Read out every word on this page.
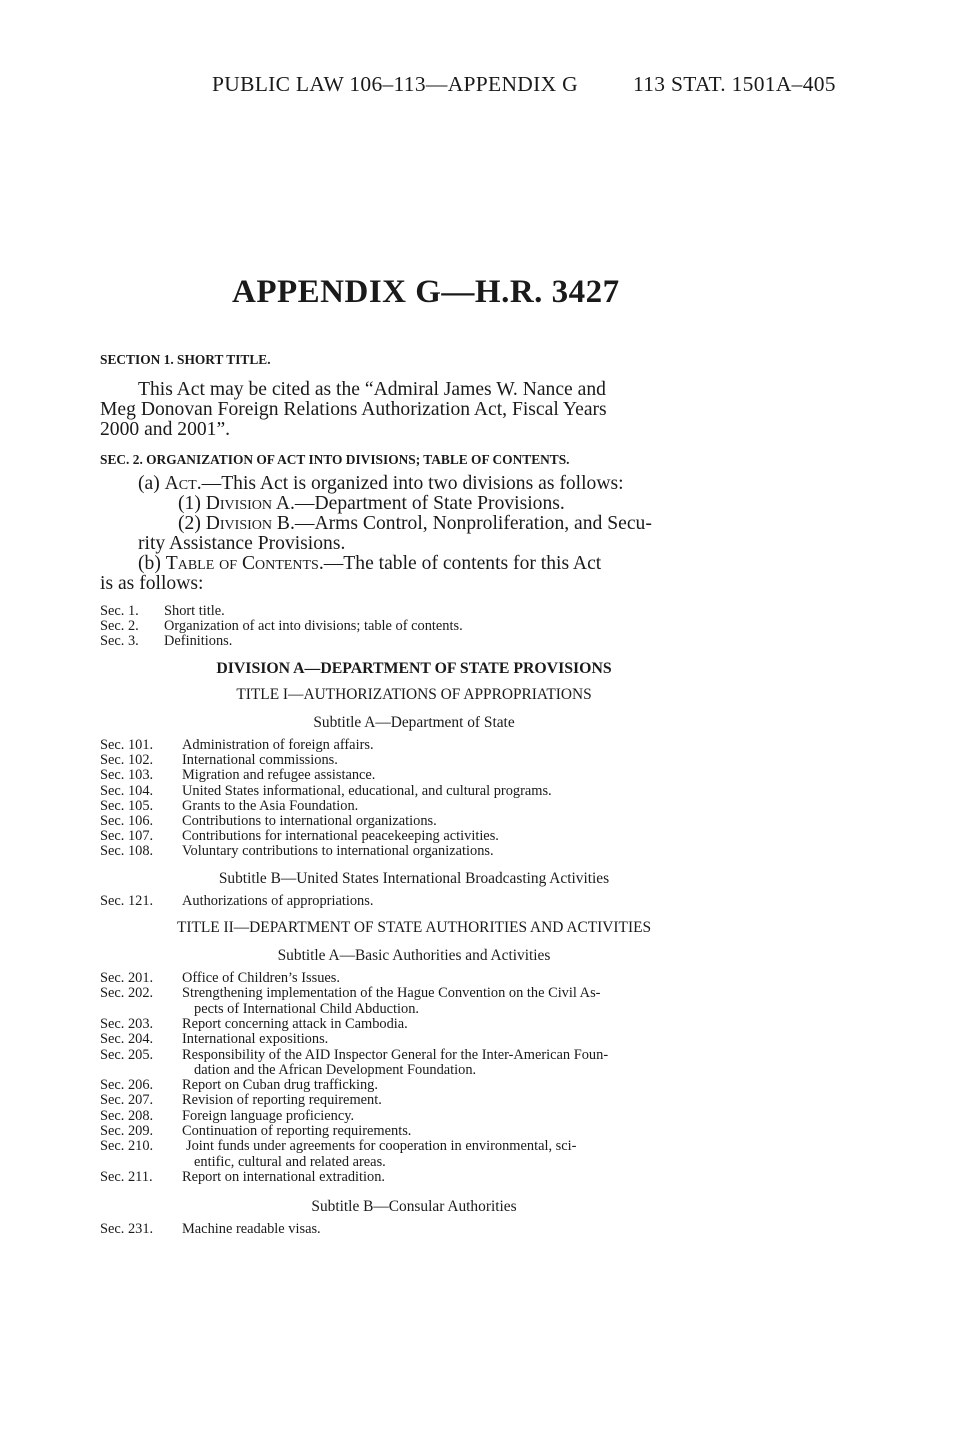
PUBLIC LAW 106–113—APPENDIX G	113 STAT. 1501A–405
APPENDIX G—H.R. 3427
SECTION 1. SHORT TITLE.
This Act may be cited as the “Admiral James W. Nance and
Meg Donovan Foreign Relations Authorization Act, Fiscal Years
2000 and 2001”.
SEC. 2. ORGANIZATION OF ACT INTO DIVISIONS; TABLE OF CONTENTS.
(a) Act.—This Act is organized into two divisions as follows:
(1) Division A.—Department of State Provisions.
(2) Division B.—Arms Control, Nonproliferation, and Secu-
rity Assistance Provisions.
(b) Table of Contents.—The table of contents for this Act
is as follows:
Sec. 1. Short title.
Sec. 2. Organization of act into divisions; table of contents.
Sec. 3. Definitions.
DIVISION A—DEPARTMENT OF STATE PROVISIONS
TITLE I—AUTHORIZATIONS OF APPROPRIATIONS
Subtitle A—Department of State
Sec. 101. Administration of foreign affairs.
Sec. 102. International commissions.
Sec. 103. Migration and refugee assistance.
Sec. 104. United States informational, educational, and cultural programs.
Sec. 105. Grants to the Asia Foundation.
Sec. 106. Contributions to international organizations.
Sec. 107. Contributions for international peacekeeping activities.
Sec. 108. Voluntary contributions to international organizations.
Subtitle B—United States International Broadcasting Activities
Sec. 121. Authorizations of appropriations.
TITLE II—DEPARTMENT OF STATE AUTHORITIES AND ACTIVITIES
Subtitle A—Basic Authorities and Activities
Sec. 201. Office of Children’s Issues.
Sec. 202. Strengthening implementation of the Hague Convention on the Civil As-
pects of International Child Abduction.
Sec. 203. Report concerning attack in Cambodia.
Sec. 204. International expositions.
Sec. 205. Responsibility of the AID Inspector General for the Inter-American Foun-
dation and the African Development Foundation.
Sec. 206. Report on Cuban drug trafficking.
Sec. 207. Revision of reporting requirement.
Sec. 208. Foreign language proficiency.
Sec. 209. Continuation of reporting requirements.
Sec. 210. Joint funds under agreements for cooperation in environmental, sci-
entific, cultural and related areas.
Sec. 211. Report on international extradition.
Subtitle B—Consular Authorities
Sec. 231. Machine readable visas.
